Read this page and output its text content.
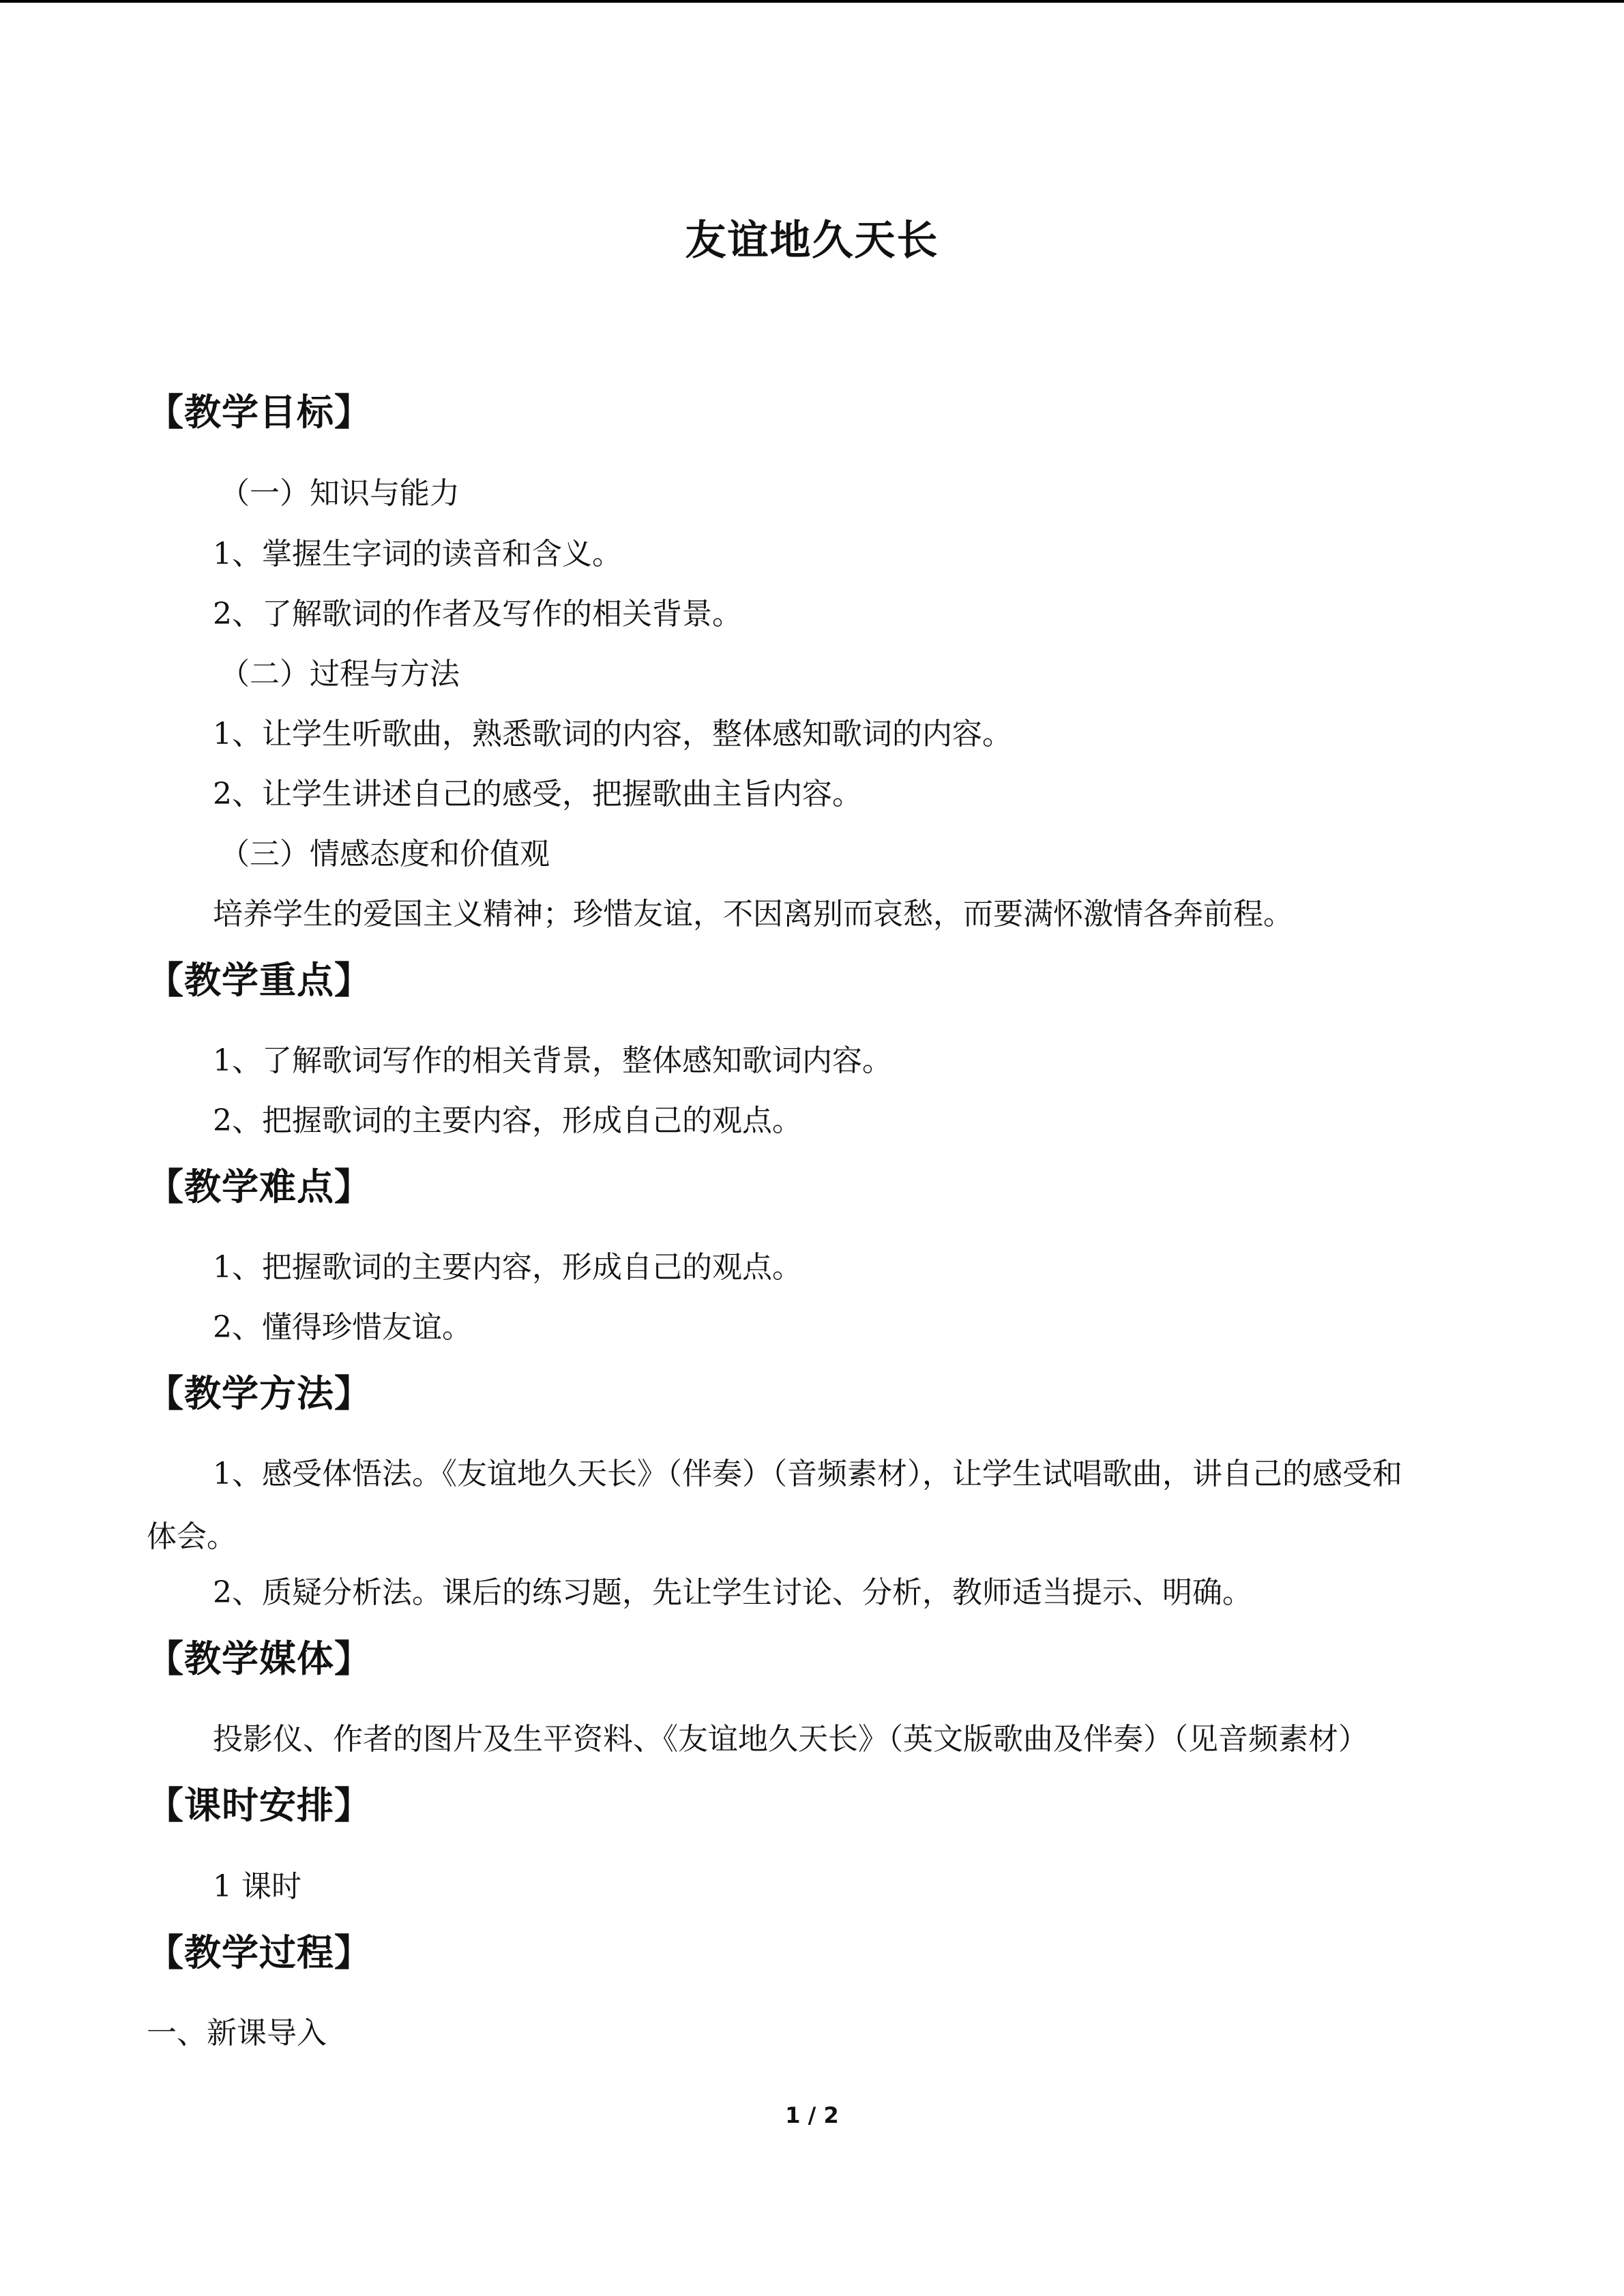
友谊地久天长
【教学目标】
（一）知识与能力
1、掌握生字词的读音和含义。
2、了解歌词的作者及写作的相关背景。
（二）过程与方法
1、让学生听歌曲，熟悉歌词的内容，整体感知歌词的内容。
2、让学生讲述自己的感受，把握歌曲主旨内容。
（三）情感态度和价值观
培养学生的爱国主义精神；珍惜友谊，不因离别而哀愁，而要满怀激情各奔前程。
【教学重点】
1、了解歌词写作的相关背景，整体感知歌词内容。
2、把握歌词的主要内容，形成自己的观点。
【教学难点】
1、把握歌词的主要内容，形成自己的观点。
2、懂得珍惜友谊。
【教学方法】
1、感受体悟法。《友谊地久天长》（伴奏）（音频素材），让学生试唱歌曲，讲自己的感受和体会。
2、质疑分析法。课后的练习题，先让学生讨论、分析，教师适当提示、明确。
【教学媒体】
投影仪、作者的图片及生平资料、《友谊地久天长》（英文版歌曲及伴奏）（见音频素材）
【课时安排】
1 课时
【教学过程】
一、新课导入
1 / 2
